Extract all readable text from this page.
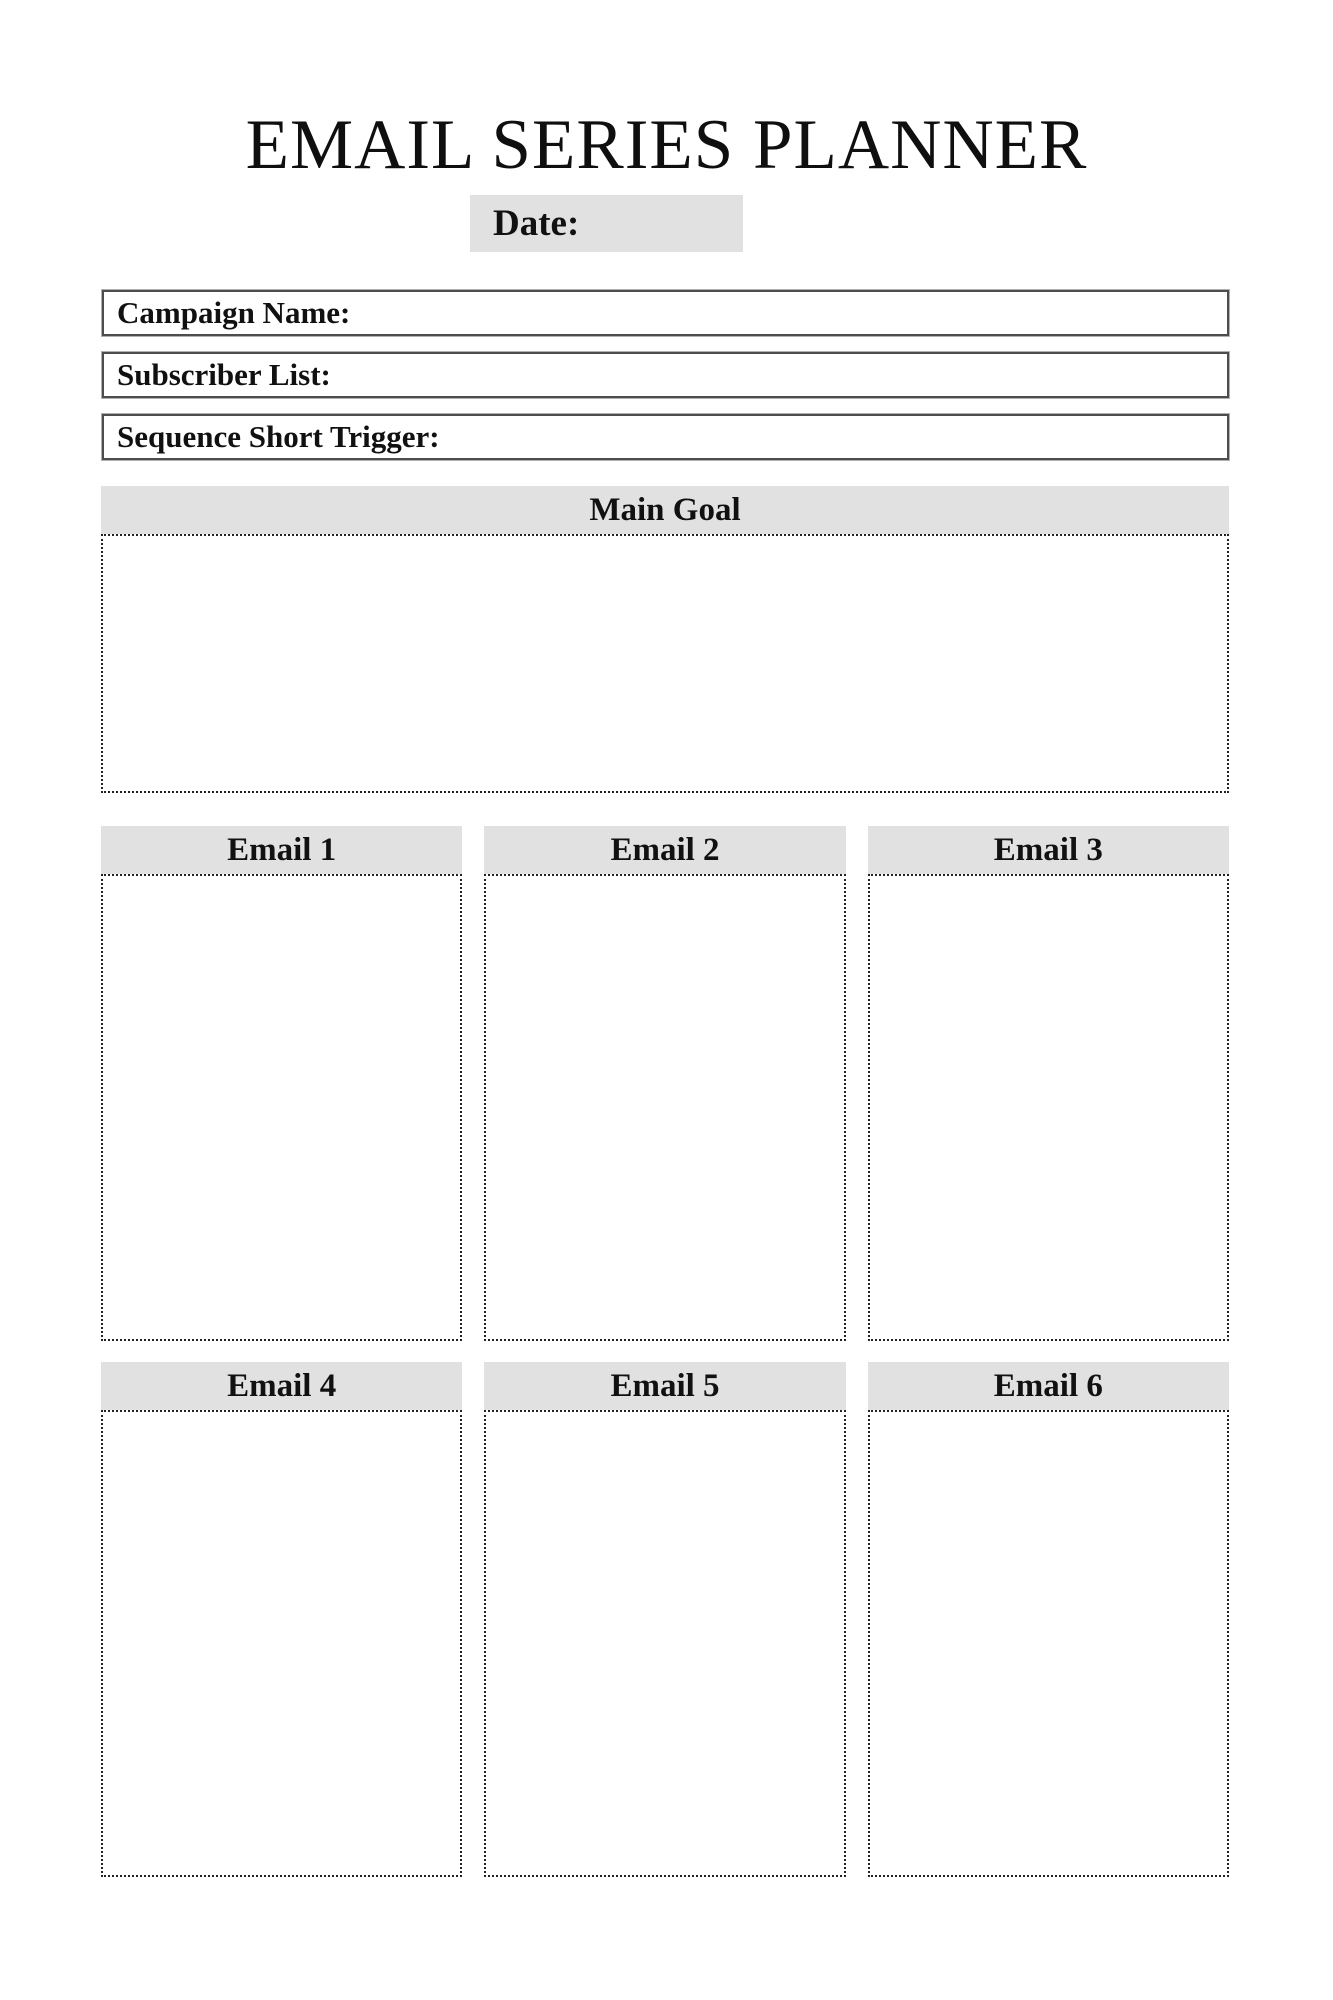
EMAIL SERIES PLANNER
Date:
Campaign Name:
Subscriber List:
Sequence Short Trigger:
Main Goal
Email 1	Email 2	Email 3
Email 4	Email 5	Email 6
